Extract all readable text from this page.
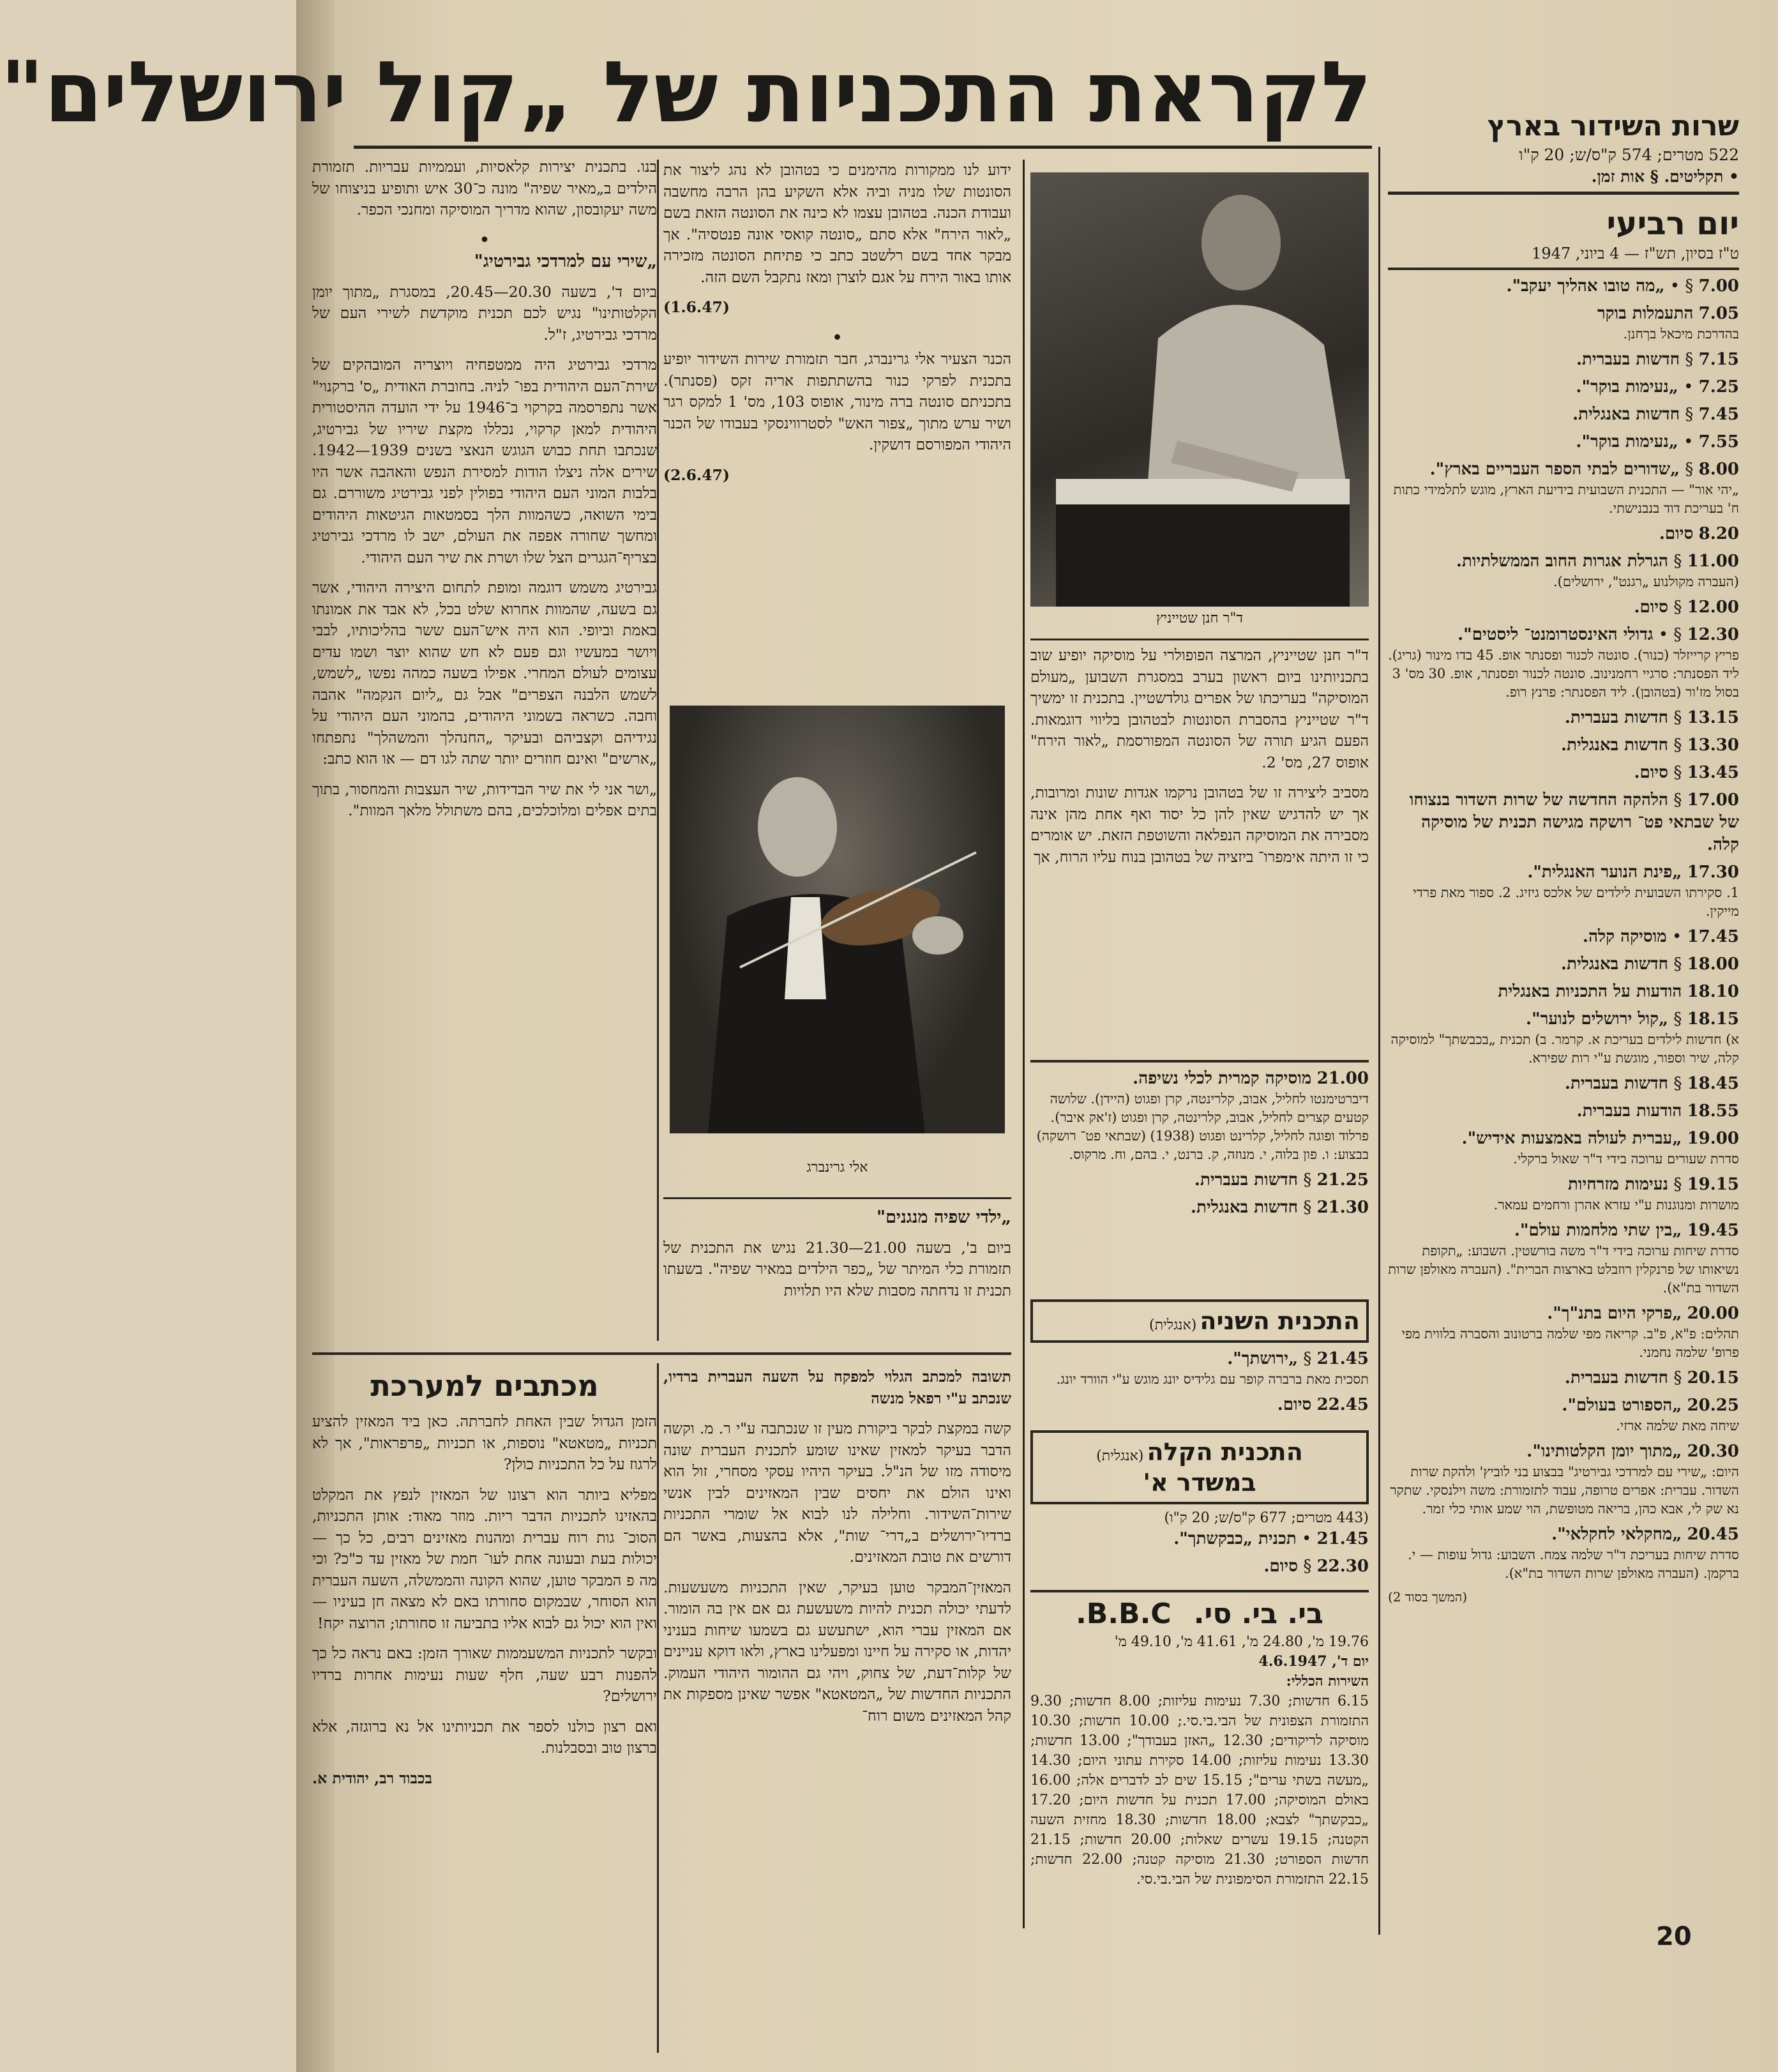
לקראת התכניות של „קול ירושלים"	שרות השידור בארץ
522 מטרים; 574 ק"ס/ש; 20 ק"ו
• תקליטים. § אות זמן.
יום רביעי
ט"ז בסיון, תש"ז — 4 ביוני, 1947
7.00 § • „מה טובו אהליך יעקב".
7.05 התעמלות בוקר
בהדרכת מיכאל בךחנן.
7.15 § חדשות בעברית.
7.25 • „נעימות בוקר".
7.45 § חדשות באנגלית.
7.55 • „נעימות בוקר".
8.00 § „שדורים לבתי הספר העבריים בארץ".
„יהי אור" — התכנית השבועית בידיעת הארץ, מוגש לתלמידי כתות ח' בעריכת דוד בנבנישתי.
8.20 סיום.
11.00 § הגרלת אגרות החוב הממשלתיות.
(העברה מקולנוע „רגנט", ירושלים).
12.00 § סיום.
12.30 § • גדולי האינסטרומנט־ ליסטים".
פריץ קרייזלר (כנור). סונטה לכנור ופסנתר אופ. 45 בדו מינור (גריג). ליד הפסנתר: סרגיי רחמנינוב. סונטה לכנור ופסנתר, אופ. 30 מס' 3 בסול מז'ור (בטהובן). ליד הפסנתר: פרנץ רופ.
13.15 § חדשות בעברית.
13.30 § חדשות באנגלית.
13.45 § סיום.
17.00 § הלהקה החדשה של שרות השדור בנצוחו של שבתאי פט־ רושקה מגישה תכנית של מוסיקה קלה.
17.30 „פינת הנוער האנגלית".
1. סקירתו השבועית לילדים של אלכס גיזיג. 2. ספור מאת פרדי מייקין.
17.45 • מוסיקה קלה.
18.00 § חדשות באנגלית.
18.10 הודעות על התכניות באנגלית
18.15 § „קול ירושלים לנוער".
א) חדשות לילדים בעריכת א. קרמר. ב) תכנית „בכבשתך" למוסיקה קלה, שיר וספור, מוגשת ע"י רות שפירא.
18.45 § חדשות בעברית.
18.55 הודעות בעברית.
19.00 „עברית לעולה באמצעות אידיש".
סדרת שעורים ערוכה בידי ד"ר שאול ברקלי.
19.15 § נעימות מזרחיות
מושרות ומנוגנות ע"י עזרא אהרן ורחמים עמאר.
19.45 „בין שתי מלחמות עולם".
סדרת שיחות ערוכה בידי ד"ר משה בורשטין. השבוע: „תקופת נשיאותו של פרנקלין רוזבלט בארצות הברית". (העברה מאולפן שרות השדור בת"א).
20.00 „פרקי היום בתנ"ך".
תהלים: פ"א, פ"ב. קריאה מפי שלמה ברטונוב והסברה בלווית מפי פרופ' שלמה נחמני.
20.15 § חדשות בעברית.
20.25 „הספורט בעולם".
שיחה מאת שלמה ארזי.
20.30 „מתוך יומן הקלטותינו".
היום: „שירי עם למרדכי גבירטיג" בבצוע בני לוביץ' ולהקת שרות השדור. עברית: אפרים טרופה, עבוד לתזמורת: משה וילנסקי. שתקר נא שק לי, אבא כהן, בריאה מטופשת, הוי שמע אותי כלי זמר.
20.45 „מחקלאי לחקלאי".
סדרת שיחות בעריכת ד"ר שלמה צמח. השבוע: גדול עופות — י. ברקמן. (העברה מאולפן שרות השדור בת"א).
(המשך בסוד 2)
ד"ר חנן שטייניץ

ד"ר חנן שטייניץ, המרצה הפופולרי על מוסיקה יופיע שוב בתכניותינו ביום ראשון בערב במסגרת השבוען „מעולם המוסיקה" בעריכתו של אפרים גולדשטיין. בתכנית זו ימשיך ד"ר שטייניץ בהסברת הסונטות לבטהובן בליווי דוגמאות. הפעם הגיע תורה של הסונטה המפורסמת „לאור הירח" אופוס 27, מס' 2.

מסביב ליצירה זו של בטהובן נרקמו אגדות שונות ומרובות, אך יש להדגיש שאין להן כל יסוד ואף אחת מהן אינה מסבירה את המוסיקה הנפלאה והשוטפת הזאת. יש אומרים כי זו היתה אימפרו־ ביזציה של בטהובן בנוח עליו הרוח, אך

21.00 מוסיקה קמרית לכלי נשיפה.
דיברטימנטו לחליל, אבוב, קלרינטה, קרן ופגוט (היידן). שלושה קטעים קצרים לחליל, אבוב, קלרינטה, קרן ופגוט (ז'אק איבר). פרלוד ופוגה לחליל, קלרינט ופגוט (1938) (שבתאי פט־ רושקה) בבצוע: ו. פון בלוה, י. מנוזה, ק. ברנט, י. בהם, וח. מרקוס.
21.25 § חדשות בעברית.
21.30 § חדשות באנגלית.
התכנית השניה (אנגלית)
21.45 § „ירושתך".
תסכית מאת ברברה קופר עם גלידיס יונג מוגש ע"י הוורד יונג.
22.45 סיום.
התכנית הקלה (אנגלית)
במשדר א'
(443 מטרים; 677 ק"ס/ש; 20 ק"ו)
21.45 • תכנית „כבקשתך".
22.30 § סיום.
בי. בי. סי. B.B.C.
19.76 מ', 24.80 מ', 41.61 מ', 49.10 מ'
יום ד', 4.6.1947
השירות הכללי:
6.15 חדשות; 7.30 נעימות עליזות; 8.00 חדשות; 9.30 התזמורת הצפונית של הבי.בי.סי.; 10.00 חדשות; 10.30 מוסיקה לריקודים; 12.30 „האזן בעבודך"; 13.00 חדשות; 13.30 נעימות עליזות; 14.00 סקירת עתוני היום; 14.30 „מעשה בשתי ערים"; 15.15 שים לב לדברים אלה; 16.00 באולם המוסיקה; 17.00 תכנית על חדשות היום; 17.20 „כבקשתך" לצבא; 18.00 חדשות; 18.30 מחזית השעה הקטנה; 19.15 עשרים שאלות; 20.00 חדשות; 21.15 חדשות הספורט; 21.30 מוסיקה קטנה; 22.00 חדשות; 22.15 התזמורת הסימפונית של הבי.בי.סי.

ידוע לנו ממקורות מהימנים כי בטהובן לא נהג ליצור את הסונטות שלו מניה וביה אלא השקיע בהן הרבה מחשבה ועבודת הכנה. בטהובן עצמו לא כינה את הסונטה הזאת בשם „לאור הירח" אלא סתם „סונטה קואסי אונה פנטסיה". אך מבקר אחד בשם רלשטב כתב כי פתיחת הסונטה מזכירה אותו באור הירח על אגם לוצרן ומאז נתקבל השם הזה.

(1.6.47)

•

הכנר הצעיר אלי גרינברג, חבר תזמורת שירות השידור יופיע בתכנית לפרקי כנור בהשתתפות אריה זקס (פסנתר). בתכניתם סונטה ברה מינור, אופוס 103, מס' 1 למקס רגר ושיר ערש מתוך „צפור האש" לסטרווינסקי בעבודו של הכנר היהודי המפורסם דושקין.

(2.6.47)

אלי גרינברג

„ילדי שפיה מנגנים"

ביום ב', בשעה 21.00—21.30 נגיש את התכנית של תזמורת כלי המיתר של „כפר הילדים במאיר שפיה". בשעתו תכנית זו נדחתה מסבות שלא היו תלויות

בנו. בתכנית יצירות קלאסיות, ועממיות עבריות. תזמורת הילדים ב„מאיר שפיה" מונה כ־30 איש ותופיע בניצוחו של משה יעקובסון, שהוא מדריך המוסיקה ומחנכי הכפר.

•

„שירי עם למרדכי גבירטיג"

ביום ד', בשעה 20.30—20.45, במסגרת „מתוך יומן הקלטותינו" נגיש לכם תכנית מוקדשת לשירי העם של מרדכי גבירטיג, ז"ל.

מרדכי גבירטיג היה ממטפחיה ויוצריה המובהקים של שירת־העם היהודית בפו־ לניה. בחוברת האודית „ס' ברקנוי" אשר נתפרסמה בקרקוי ב־1946 על ידי הועדה ההיסטורית היהודית למאן קרקוי, נכללו מקצת שיריו של גבירטיג, שנכתבו תחת כבוש הגוגש הנאצי בשנים 1939—1942. שירים אלה ניצלו הודות למסירת הנפש והאהבה אשר היו בלבות המוני העם היהודי בפולין לפני גבירטיג משוררם. גם בימי השואה, כשהמוות הלך בסמטאות הגיטאות היהודים ומחשך שחורה אפפה את העולם, ישב לו מרדכי גבירטיג בצריף־הגגרים הצל שלו ושרת את שיר העם היהודי.

גבירטיג משמש דוגמה ומופת לתחום היצירה היהודי, אשר גם בשעה, שהמוות אחרוא שלט בכל, לא אבד את אמונתו באמת וביופי. הוא היה איש־העם ששר בהליכותיו, לבבי ויושר במעשיו וגם פעם לא חש שהוא יוצר ושמו עדים עצומים לעולם המחרי. אפילו בשעה כמהה נפשו „לשמש, לשמש הלבנה הצפרים" אבל גם „ליום הנקמה" אהבה וחבה. כשראה בשמוני היהודים, בהמוני העם היהודי על נגידיהם וקצביהם ובעיקר „החנהלך והמשהלך" נתפתחו „ארשים" ואינם חוזרים יותר שתה לגו דם — או הוא כתב:

„ושר אני לי את שיר הבדידות, שיר העצבות והמחסור, בתוך בתים אפלים ומלוכלכים, בהם משתולל מלאך המוות".

מכתבים למערכת	תשובה למכתב הגלוי למפקח על השעה העברית ברדיו, שנכתב ע"י רפאל מנשה

קשה במקצת לבקר ביקורת מעין זו שנכתבה ע"י ר. מ. וקשה הדבר בעיקר למאזין שאינו שומע לתכנית העברית שונה מיסודה מזו של הנ"ל. בעיקר היהיו עסקי מסחרי, זול הוא ואינו הולם את יחסים שבין המאזינים לבין אנשי שירות־השידור. וחלילה לנו לבוא אל שומרי התכניות ברדיו־ירושלים ב„דרי־ שות", אלא בהצעות, באשר הם דורשים את טובת המאזינים.

המאזין־המבקר טוען בעיקר, שאין התכניות משעשעות. לדעתי יכולה תכנית להיות משעשעת גם אם אין בה הומור. אם המאזין עברי הוא, ישתעשע גם בשמעו שיחות בעניני יהדות, או סקירה על חיינו ומפעלינו בארץ, ולאו דוקא עניינים של קלות־דעת, של צחוק, ויהי גם ההומור היהודי העמוק. התכניות החדשות של „המטאטא" אפשר שאינן מספקות את קהל המאזינים משום רוח־

הזמן הגדול שבין האחת לחברתה. כאן ביד המאזין להציע תכניות „מטאטא" נוספות, או תכניות „פרפראות", אך לא לרגוז על כל התכניות כולן?

מפליא ביותר הוא רצונו של המאזין לנפץ את המקלט בהאזינו לתכניות הדבר ריות. מוזר מאוד: אותן התכניות, הסוכ־ גות רוח עברית ומהנות מאזינים רבים, כל כך — יכולות בעת ובעונה אחת לעו־ חמת של מאזין עד כ"כ? וכי מה פ המבקר טוען, שהוא הקונה והממשלה, השעה העברית הוא הסוחר, שבמקום סחורתו באם לא מצאה חן בעיניו — ואין הוא יכול גם לבוא אליו בתביעה זו סחורתו; הרוצה יקח!

ובקשר לתכניות המשעממות שאורך הזמן: באם נראה כל כך להפנות רבע שעה, חלף שעות נעימות אחרות ברדיו ירושלים?

ואם רצון כולנו לספר את תכניותינו אל נא ברוגזה, אלא ברצון טוב ובסבלנות.

בכבוד רב, יהודית א.

20
